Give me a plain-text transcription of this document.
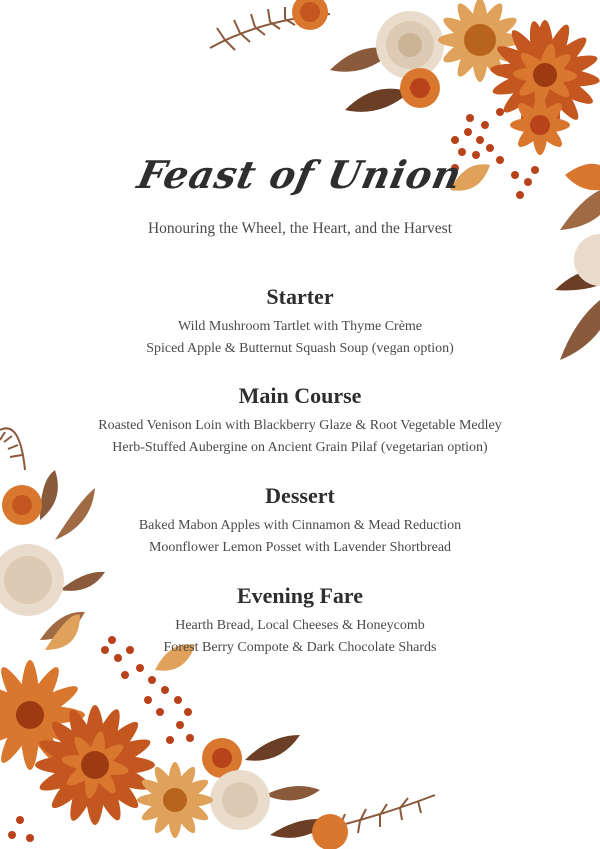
Feast of Union
Honouring the Wheel, the Heart, and the Harvest
Starter
Wild Mushroom Tartlet with Thyme Crème
Spiced Apple & Butternut Squash Soup (vegan option)
Main Course
Roasted Venison Loin with Blackberry Glaze & Root Vegetable Medley
Herb-Stuffed Aubergine on Ancient Grain Pilaf (vegetarian option)
Dessert
Baked Mabon Apples with Cinnamon & Mead Reduction
Moonflower Lemon Posset with Lavender Shortbread
Evening Fare
Hearth Bread, Local Cheeses & Honeycomb
Forest Berry Compote & Dark Chocolate Shards
